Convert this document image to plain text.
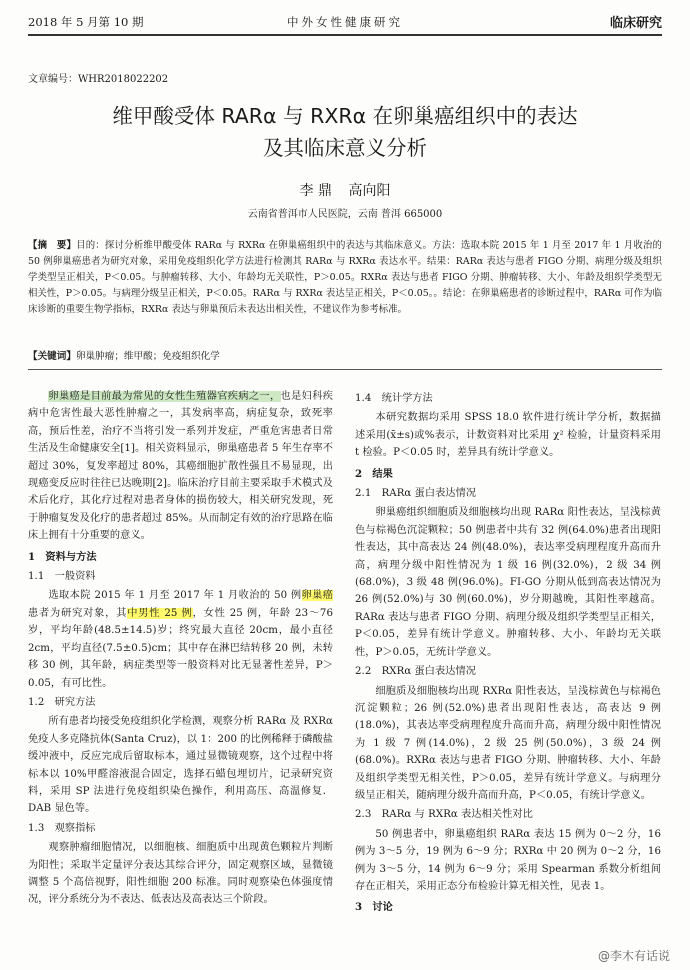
2018 年 5 月第 10 期	中外女性健康研究	临床研究
文章编号：WHR2018022202
维甲酸受体 RARα 与 RXRα 在卵巢癌组织中的表达
及其临床意义分析
李 鼎 高向阳
云南省普洱市人民医院，云南 普洱 665000
【摘　要】目的：探讨分析维甲酸受体 RARα 与 RXRα 在卵巢癌组织中的表达与其临床意义。方法：选取本院 2015 年 1 月至 2017 年 1 月收治的 50 例卵巢癌患者为研究对象，采用免疫组织化学方法进行检测其 RARα 与 RXRα 表达水平。结果：RARα 表达与患者 FIGO 分期、病理分级及组织学类型呈正相关，P＜0.05。与肿瘤转移、大小、年龄均无关联性，P＞0.05。RXRα 表达与患者 FIGO 分期、肿瘤转移、大小、年龄及组织学类型无相关性，P＞0.05。与病理分级呈正相关，P＜0.05。RARα 与 RXRα 表达呈正相关，P＜0.05。。结论：在卵巢癌患者的诊断过程中，RARα 可作为临床诊断的重要生物学指标，RXRα 表达与卵巢预后未表达出相关性，不建议作为参考标准。
【关键词】卵巢肿瘤；维甲酸；免疫组织化学

卵巢癌是目前最为常见的女性生殖器官疾病之一，也是妇科疾病中危害性最大恶性肿瘤之一，其发病率高，病症复杂，致死率高，预后性差，治疗不当将引发一系列并发症，严重危害患者日常生活及生命健康安全[1]。相关资料显示，卵巢癌患者 5 年生存率不超过 30%，复发率超过 80%，其癌细胞扩散性强且不易显现，出现癌变反应时往往已达晚期[2]。临床治疗目前主要采取手术模式及术后化疗，其化疗过程对患者身体的损伤较大，相关研究发现，死于肿瘤复发及化疗的患者超过 85%。从而制定有效的治疗思路在临床上拥有十分重要的意义。

1　资料与方法
1.1　一般资料

选取本院 2015 年 1 月至 2017 年 1 月收治的 50 例卵巢癌患者为研究对象，其中男性 25 例，女性 25 例，年龄 23～76 岁，平均年龄(48.5±14.5)岁；终究最大直径 20cm，最小直径 2cm，平均直径(7.5±0.5)cm；其中存在淋巴结转移 20 例，未转移 30 例，其年龄，病症类型等一般资料对比无显著性差异，P＞0.05，有可比性。

1.2　研究方法

所有患者均接受免疫组织化学检测，观察分析 RARα 及 RXRα 免疫人多克隆抗体(Santa Cruz)，以 1：200 的比例稀释于磷酸盐缓冲液中，反应完成后留取标本，通过显微镜观察，这个过程中将标本以 10%甲醛溶液混合固定，选择石蜡包埋切片，记录研究资料，采用 SP 法进行免疫组织染色操作，利用高压、高温修复．DAB 显色等。

1.3　观察指标

观察肿瘤细胞情况，以细胞核、细胞质中出现黄色颗粒片判断为阳性；采取半定量评分表达其综合评分，固定观察区域，显微镜调整 5 个高倍视野，阳性细胞 200 标准。同时观察染色体强度情况，评分系统分为不表达、低表达及高表达三个阶段。

1.4　统计学方法

本研究数据均采用 SPSS 18.0 软件进行统计学分析，数据描述采用(x̄±s)或%表示，计数资料对比采用 χ² 检验，计量资料采用 t 检验。P＜0.05 时，差异具有统计学意义。

2　结果
2.1　RARα 蛋白表达情况

卵巢癌组织细胞质及细胞核均出现 RARα 阳性表达，呈浅棕黄色与棕褐色沉淀颗粒；50 例患者中共有 32 例(64.0%)患者出现阳性表达，其中高表达 24 例(48.0%)，表达率受病理程度升高而升高，病理分级中阳性情况为 1 级 16 例(32.0%)，2 级 34 例(68.0%)，3 级 48 例(96.0%)。FI-GO 分期从低到高表达情况为 26 例(52.0%)与 30 例(60.0%)，岁分期越晚，其阳性率越高。RARα 表达与患者 FIGO 分期、病理分级及组织学类型呈正相关，P＜0.05，差异有统计学意义。肿瘤转移、大小、年龄均无关联性，P＞0.05，无统计学意义。

2.2　RXRα 蛋白表达情况

细胞质及细胞核均出现 RXRα 阳性表达，呈浅棕黄色与棕褐色沉淀颗粒；26 例(52.0%)患者出现阳性表达，高表达 9 例(18.0%)，其表达率受病理程度升高而升高，病理分级中阳性情况为 1 级 7 例(14.0%)，2 级 25 例(50.0%)，3 级 24 例(68.0%)。RXRα 表达与患者 FIGO 分期、肿瘤转移、大小、年龄及组织学类型无相关性，P＞0.05，差异有统计学意义。与病理分级呈正相关，随病理分级升高而升高，P＜0.05，有统计学意义。

2.3　RARα 与 RXRα 表达相关性对比

50 例患者中，卵巢癌组织 RARα 表达 15 例为 0～2 分，16 例为 3～5 分，19 例为 6～9 分；RXRα 中 20 例为 0～2 分，16 例为 3～5 分，14 例为 6～9 分；采用 Spearman 系数分析组间存在正相关，采用正态分布检验计算无相关性，见表 1。

3　讨论
@李木有话说
